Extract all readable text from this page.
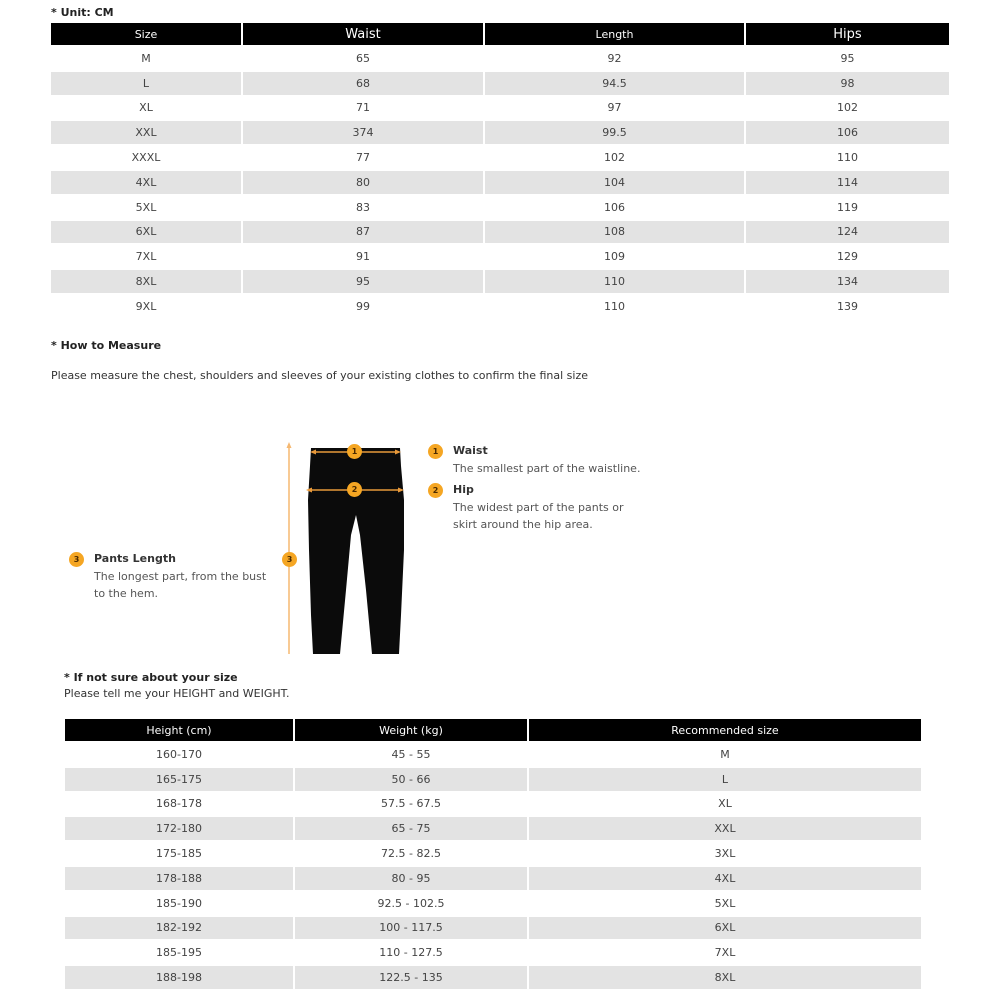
* Unit: CM
Size	Waist	Length	Hips
M	65	92	95
L	68	94.5	98
XL	71	97	102
XXL	374	99.5	106
XXXL	77	102	110
4XL	80	104	114
5XL	83	106	119
6XL	87	108	124
7XL	91	109	129
8XL	95	110	134
9XL	99	110	139
* How to Measure
Please measure the chest, shoulders and sleeves of your existing clothes to confirm the final size
1
2
3
1	Waist
The smallest part of the waistline.
2	Hip
The widest part of the pants or skirt around the hip area.
3	Pants Length
The longest part, from the bust to the hem.
* If not sure about your size
Please tell me your HEIGHT and WEIGHT.
Height (cm)	Weight (kg)	Recommended size
160-170	45 - 55	M
165-175	50 - 66	L
168-178	57.5 - 67.5	XL
172-180	65 - 75	XXL
175-185	72.5 - 82.5	3XL
178-188	80 - 95	4XL
185-190	92.5 - 102.5	5XL
182-192	100 - 117.5	6XL
185-195	110 - 127.5	7XL
188-198	122.5 - 135	8XL
